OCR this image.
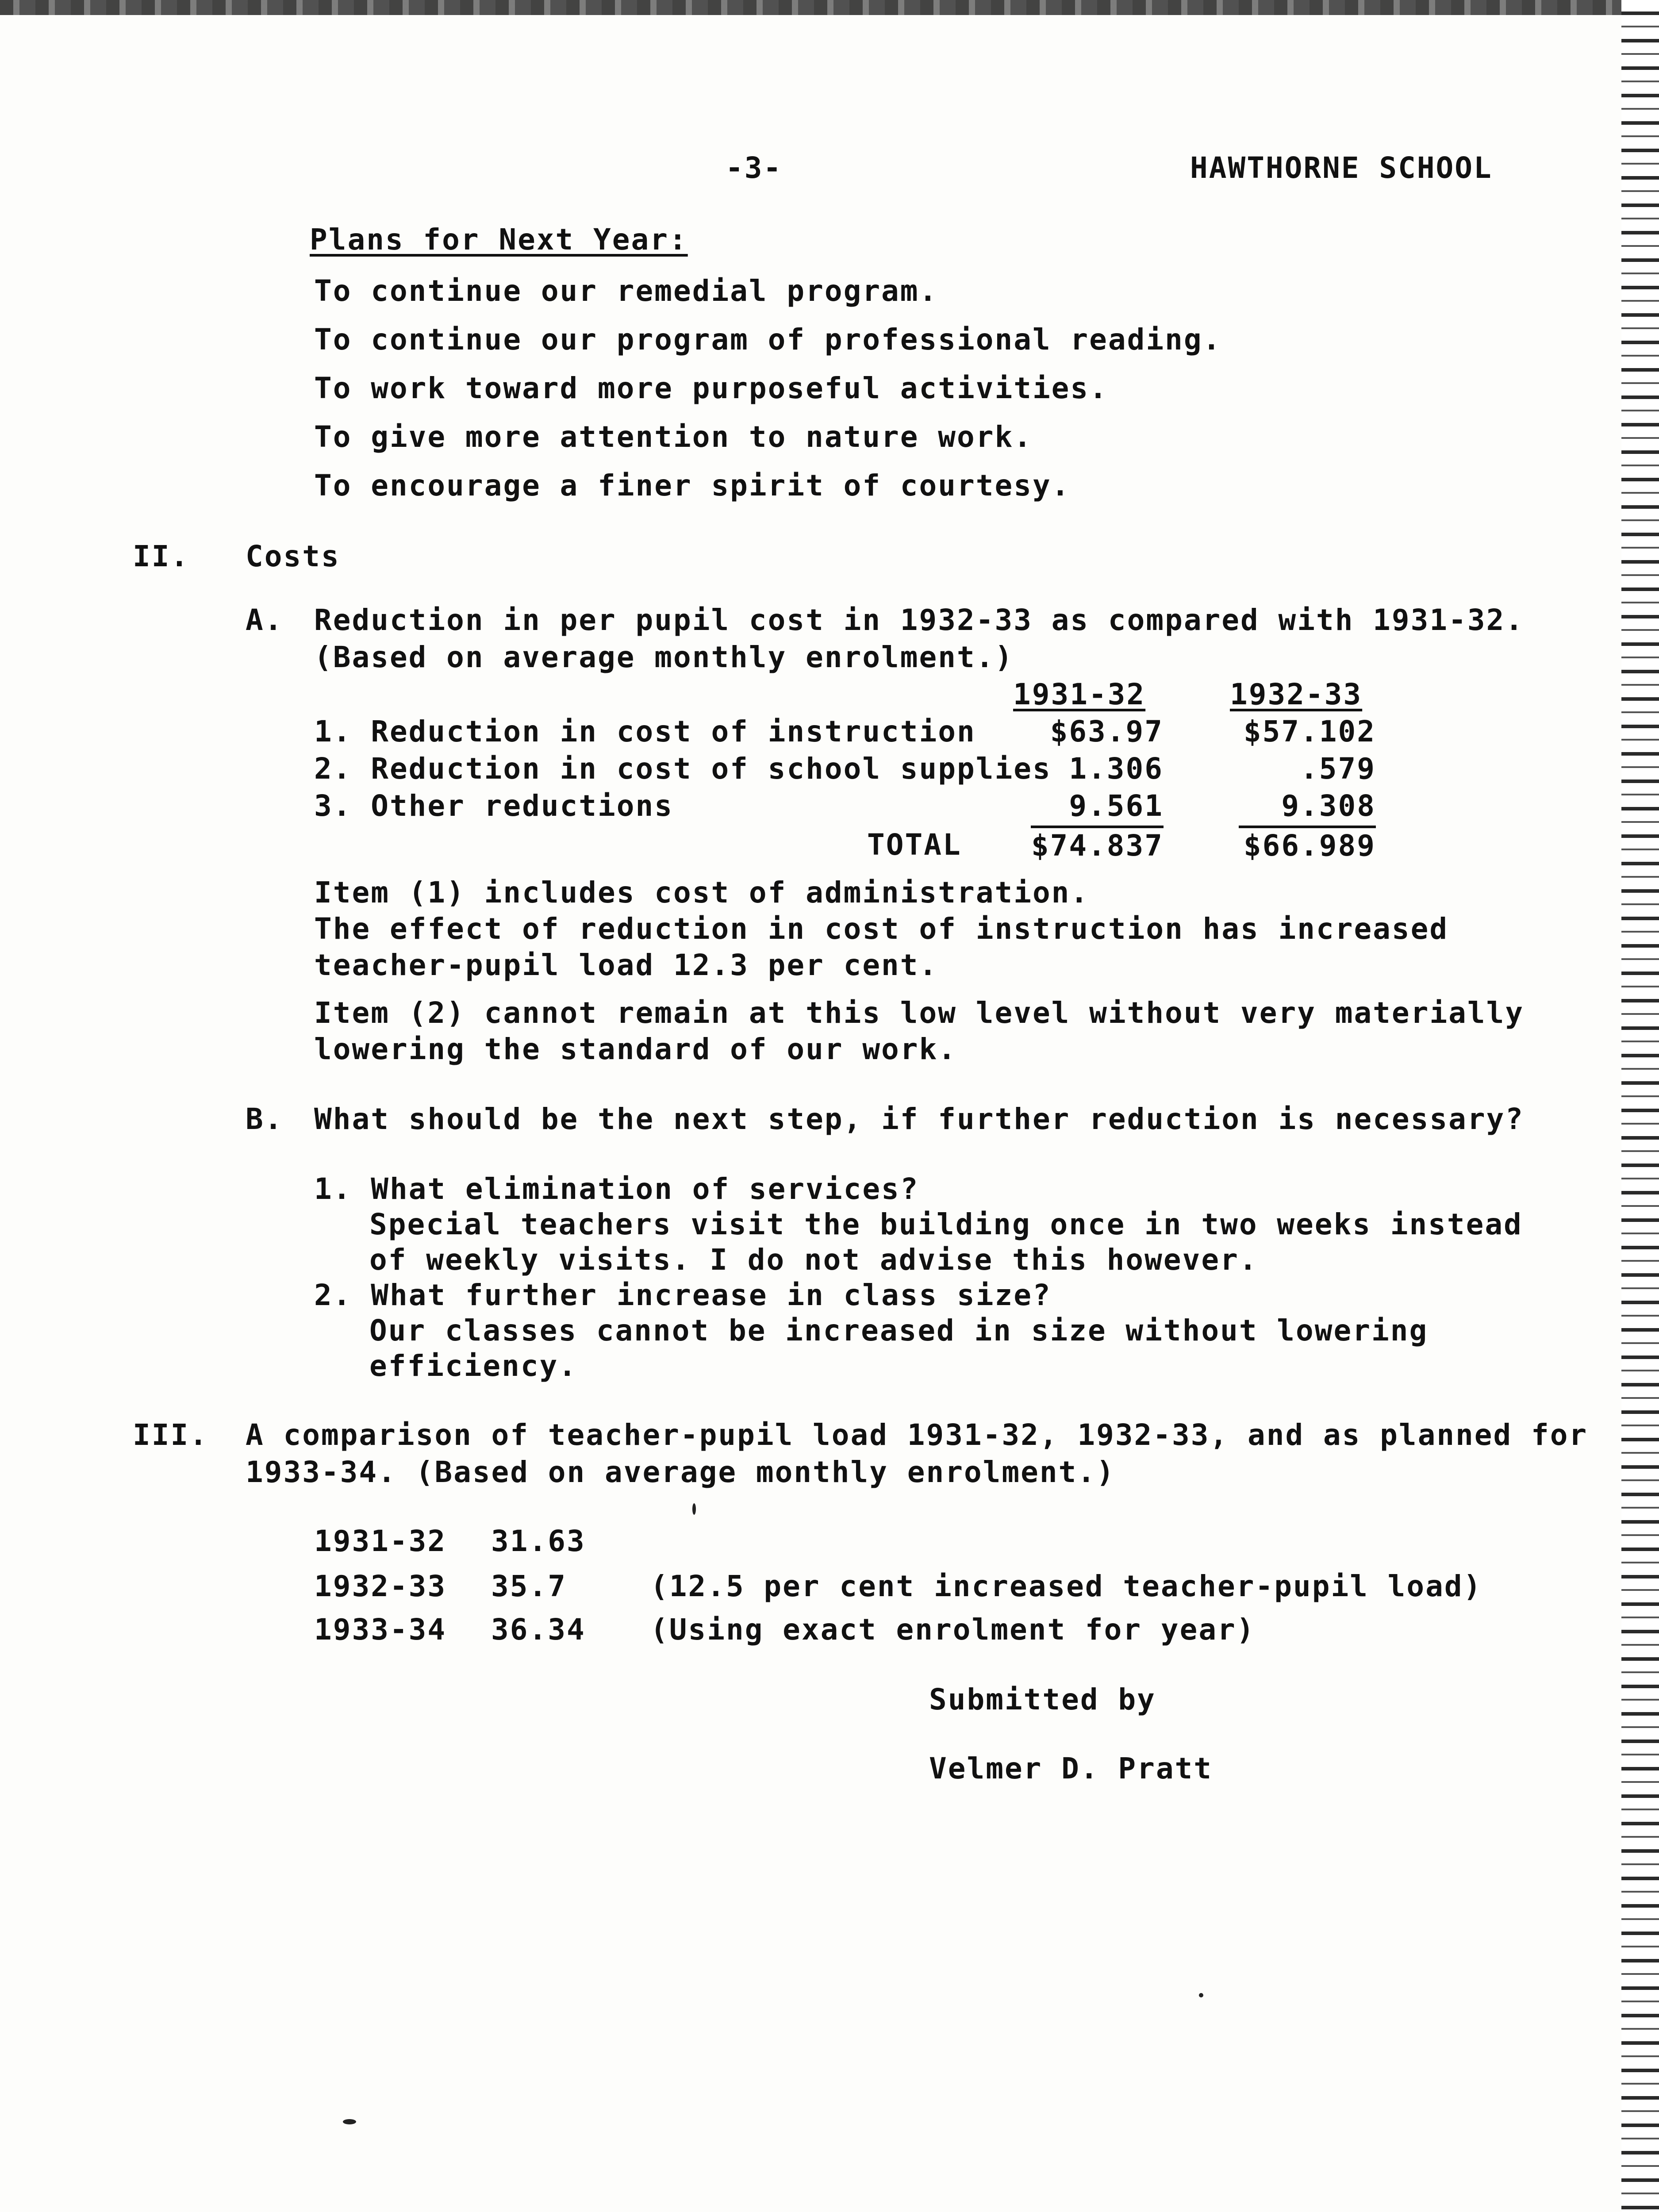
-3-	HAWTHORNE SCHOOL
Plans for Next Year:
To continue our remedial program.
To continue our program of professional reading.
To work toward more purposeful activities.
To give more attention to nature work.
To encourage a finer spirit of courtesy.
II. Costs
A. Reduction in per pupil cost in 1932-33 as compared with 1931-32.
(Based on average monthly enrolment.)
1931-32	1932-33
1. Reduction in cost of instruction	$63.97	$57.102
2. Reduction in cost of school supplies 1.306	.579
3. Other reductions	9.561	9.308
TOTAL	$74.837	$66.989
Item (1) includes cost of administration.
The effect of reduction in cost of instruction has increased
teacher-pupil load 12.3 per cent.
Item (2) cannot remain at this low level without very materially
lowering the standard of our work.
B. What should be the next step, if further reduction is necessary?
1. What elimination of services?
Special teachers visit the building once in two weeks instead
of weekly visits. I do not advise this however.
2. What further increase in class size?
Our classes cannot be increased in size without lowering
efficiency.
III. A comparison of teacher-pupil load 1931-32, 1932-33, and as planned for
1933-34. (Based on average monthly enrolment.)
1931-32 31.63
1932-33 35.7	(12.5 per cent increased teacher-pupil load)
1933-34 36.34 (Using exact enrolment for year)
Submitted by
Velmer D. Pratt
